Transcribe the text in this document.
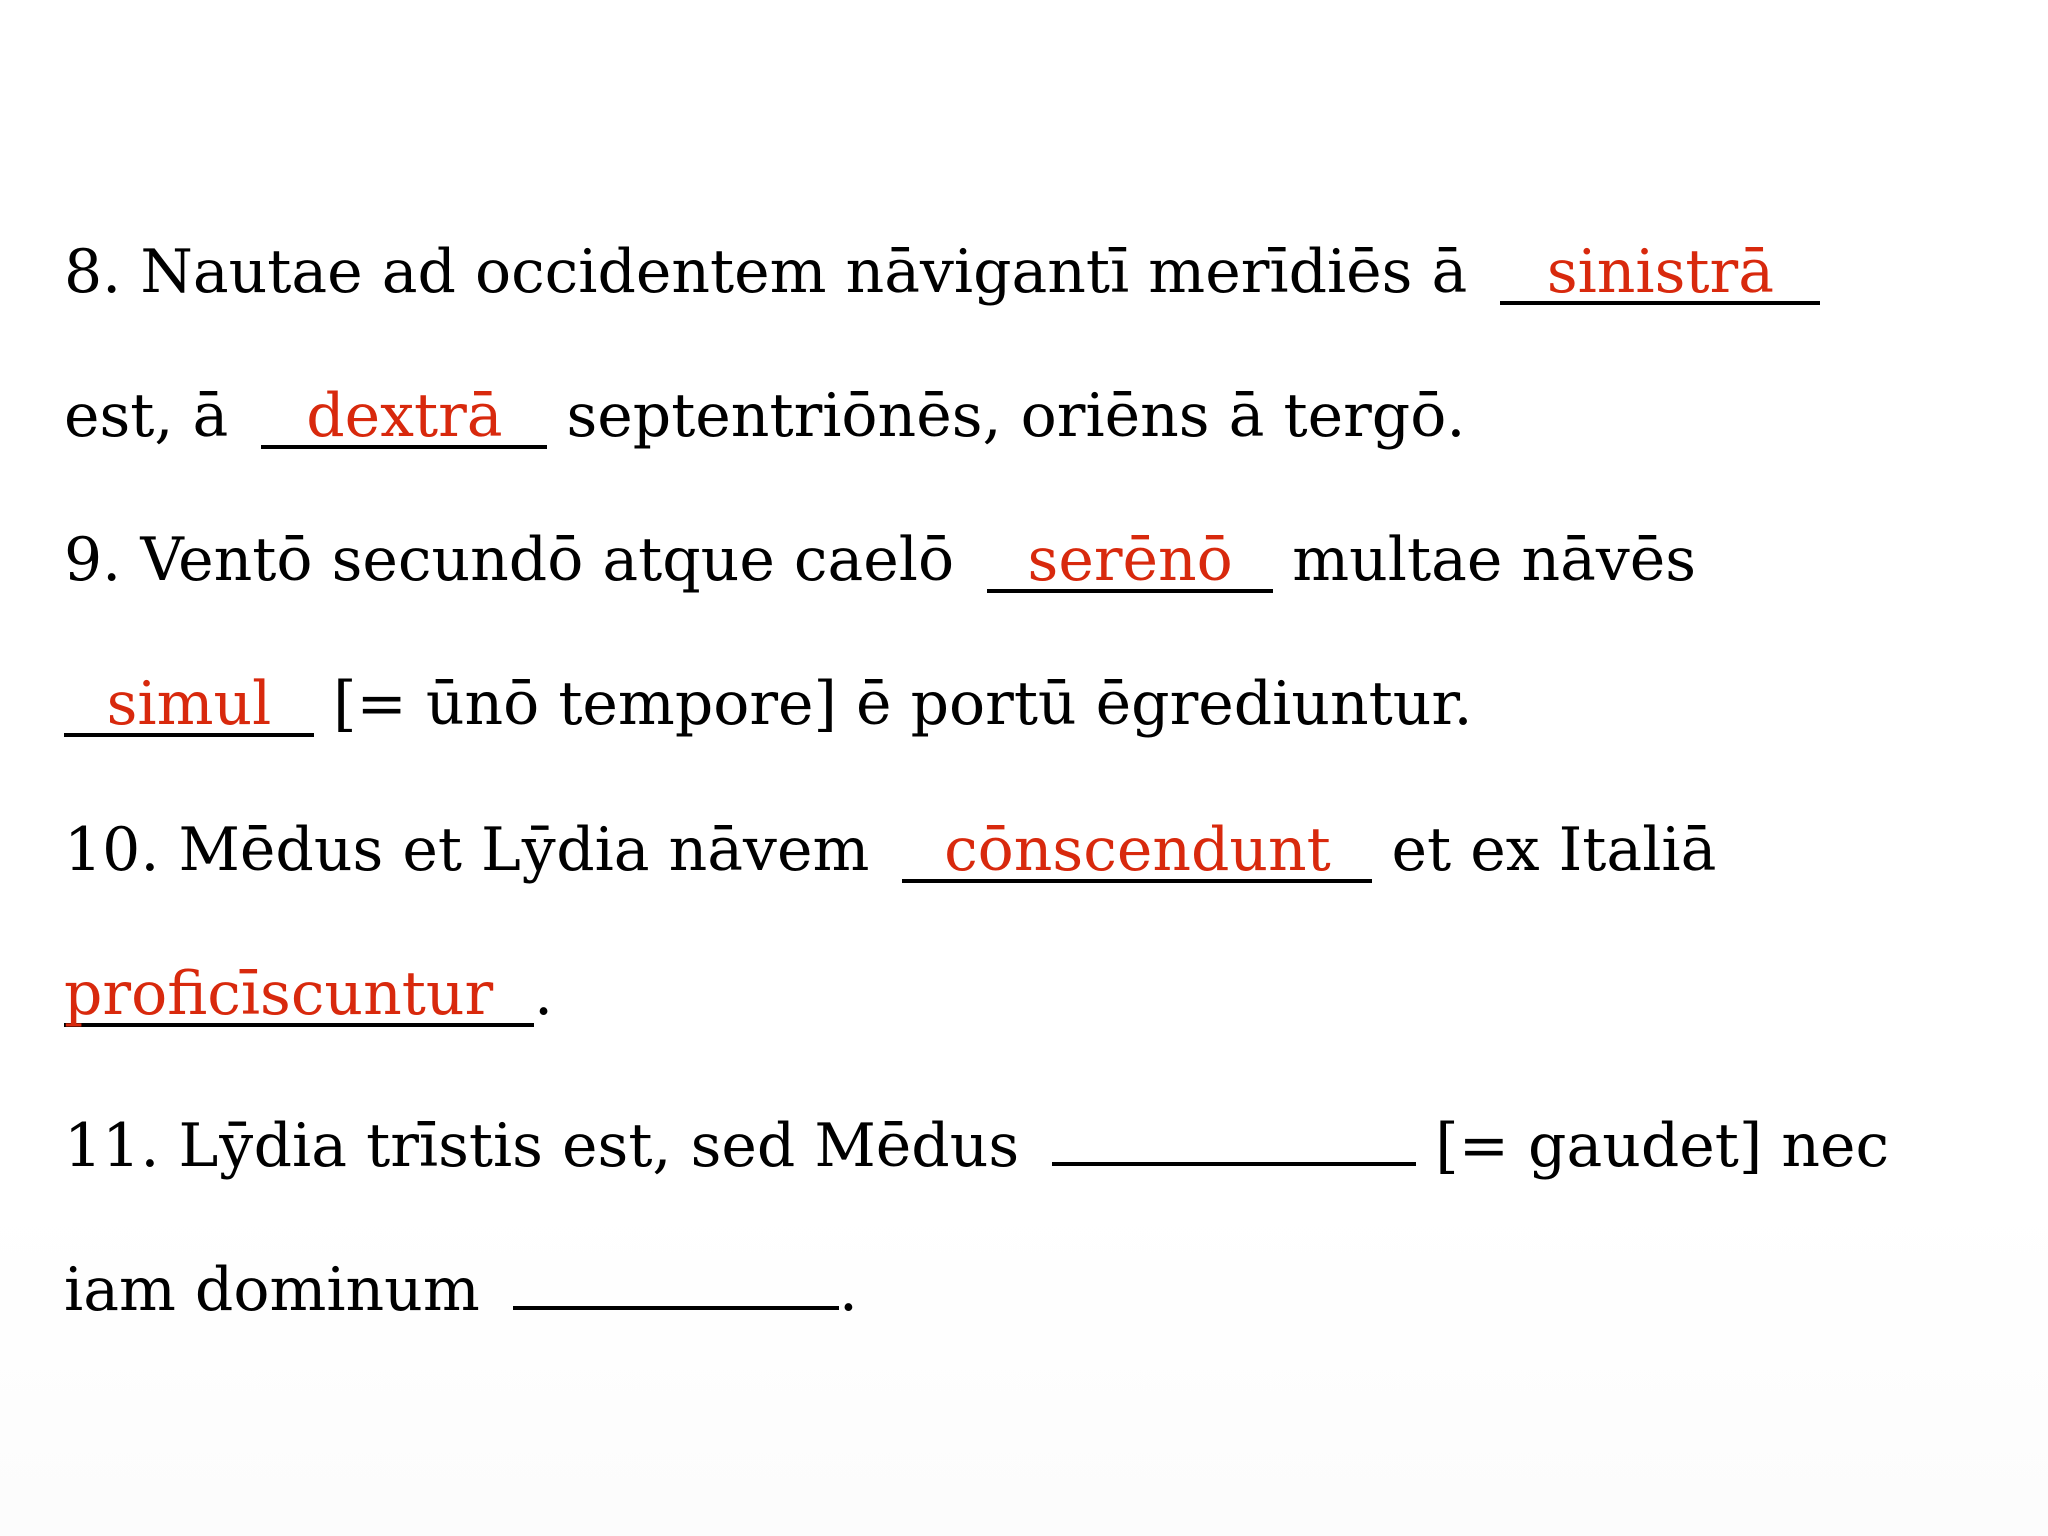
8. Nautae ad occidentem nāvigantī merīdiēs ā sinistrā
est, ā dextrā septentriōnēs, oriēns ā tergō.
9. Ventō secundō atque caelō serēnō multae nāvēs
simul [= ūnō tempore] ē portū ēgrediuntur.
10. Mēdus et Lӯdia nāvem cōnscendunt et ex Italiā
proficīscuntur .
11. Lӯdia trīstis est, sed Mēdus	[= gaudet] nec
iam dominum	.
